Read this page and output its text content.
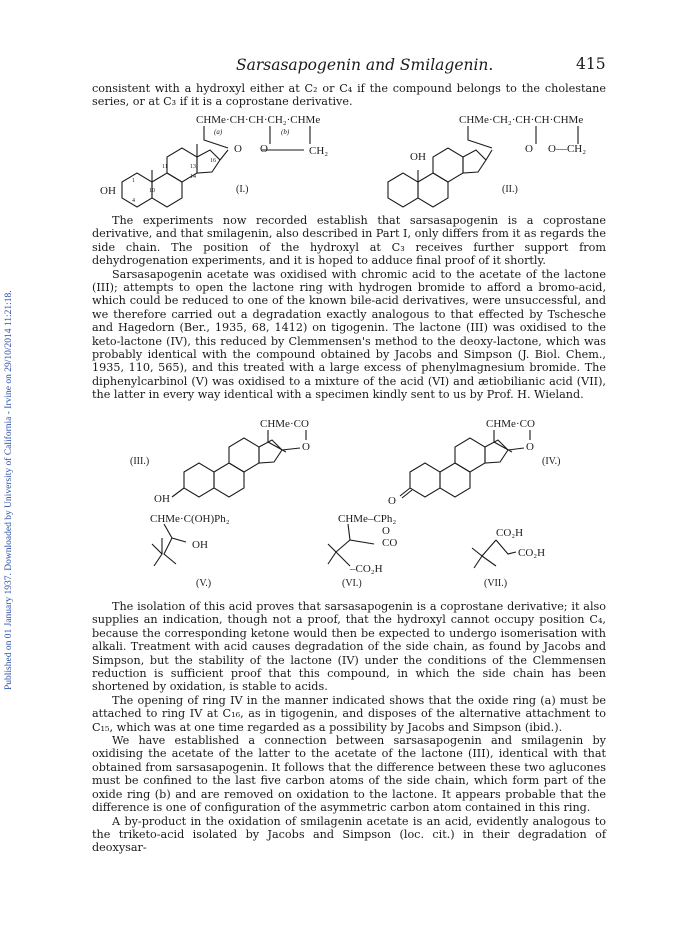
Published on 01 January 1937. Downloaded by University of California - Irvine on 29/10/2014 11:21:18.
Sarsasapogenin and Smilagenin.	415

consistent with a hydroxyl either at C₂ or C₄ if the compound belongs to the cholestane series, or at C₃ if it is a coprostane derivative.

CHMe·CH·CH·CH₂·CHMe
(a)	(b)
O O	CH₂
11	13
16
14
10
4
1
OH	(I.)
CHMe·CH₂·CH·CH·CHMe
O O—CH₂
OH
(II.)

The experiments now recorded establish that sarsasapogenin is a coprostane derivative, and that smilagenin, also described in Part I, only differs from it as regards the side chain. The position of the hydroxyl at C₃ receives further support from dehydrogenation experiments, and it is hoped to adduce final proof of it shortly.

Sarsasapogenin acetate was oxidised with chromic acid to the acetate of the lactone (III); attempts to open the lactone ring with hydrogen bromide to afford a bromo-acid, which could be reduced to one of the known bile-acid derivatives, were unsuccessful, and we therefore carried out a degradation exactly analogous to that effected by Tschesche and Hagedorn (Ber., 1935, 68, 1412) on tigogenin. The lactone (III) was oxidised to the keto-lactone (IV), this reduced by Clemmensen's method to the deoxy-lactone, which was probably identical with the compound obtained by Jacobs and Simpson (J. Biol. Chem., 1935, 110, 565), and this treated with a large excess of phenylmagnesium bromide. The diphenylcarbinol (V) was oxidised to a mixture of the acid (VI) and ætiobilianic acid (VII), the latter in every way identical with a specimen kindly sent to us by Prof. H. Wieland.

CHMe·CO
O
(III.)
OH
CHMe·CO
O
(IV.)
O
CHMe·C(OH)Ph₂
OH
(V.)
CHMe–CPh₂
O
CO
–CO₂H
(VI.)
CO₂H
CO₂H
(VII.)

The isolation of this acid proves that sarsasapogenin is a coprostane derivative; it also supplies an indication, though not a proof, that the hydroxyl cannot occupy position C₄, because the corresponding ketone would then be expected to undergo isomerisation with alkali. Treatment with acid causes degradation of the side chain, as found by Jacobs and Simpson, but the stability of the lactone (IV) under the conditions of the Clemmensen reduction is sufficient proof that this compound, in which the side chain has been shortened by oxidation, is stable to acids.

The opening of ring IV in the manner indicated shows that the oxide ring (a) must be attached to ring IV at C₁₆, as in tigogenin, and disposes of the alternative attachment to C₁₅, which was at one time regarded as a possibility by Jacobs and Simpson (ibid.).

We have established a connection between sarsasapogenin and smilagenin by oxidising the acetate of the latter to the acetate of the lactone (III), identical with that obtained from sarsasapogenin. It follows that the difference between these two aglucones must be confined to the last five carbon atoms of the side chain, which form part of the oxide ring (b) and are removed on oxidation to the lactone. It appears probable that the difference is one of configuration of the asymmetric carbon atom contained in this ring.

A by-product in the oxidation of smilagenin acetate is an acid, evidently analogous to the triketo-acid isolated by Jacobs and Simpson (loc. cit.) in their degradation of deoxysar-
